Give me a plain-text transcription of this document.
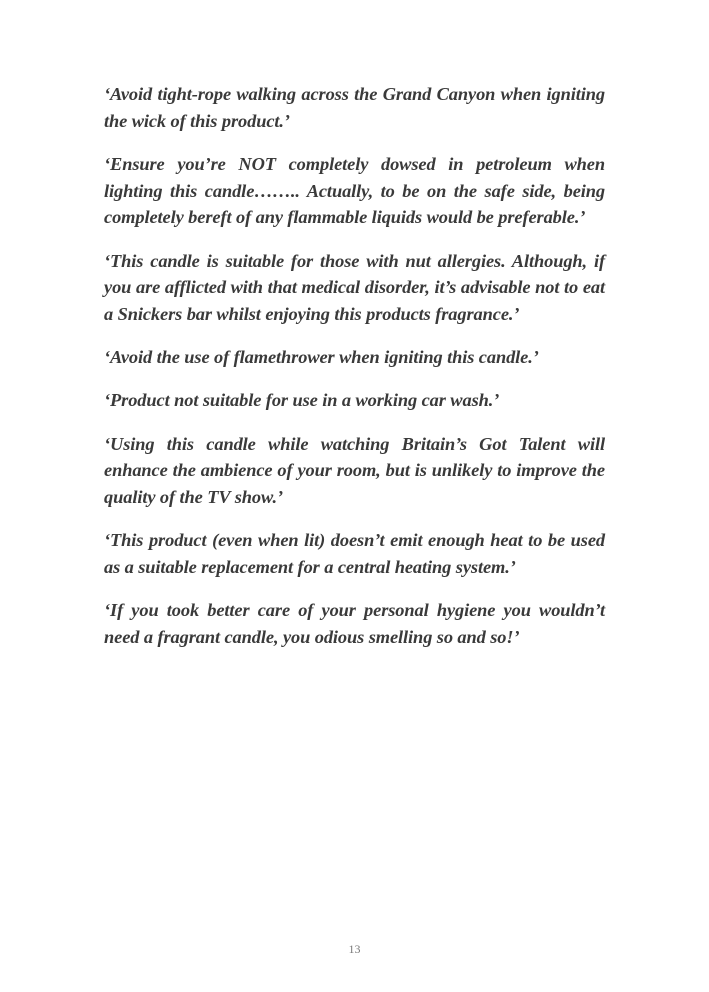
‘Avoid tight-rope walking across the Grand Canyon when igniting the wick of this product.’

‘Ensure you’re NOT completely dowsed in petroleum when lighting this candle…….. Actually, to be on the safe side, being completely bereft of any flammable liquids would be preferable.’

‘This candle is suitable for those with nut allergies. Although, if you are afflicted with that medical disorder, it’s advisable not to eat a Snickers bar whilst enjoying this products fragrance.’

‘Avoid the use of flamethrower when igniting this candle.’

‘Product not suitable for use in a working car wash.’

‘Using this candle while watching Britain’s Got Talent will enhance the ambience of your room, but is unlikely to improve the quality of the TV show.’

‘This product (even when lit) doesn’t emit enough heat to be used as a suitable replacement for a central heating system.’

‘If you took better care of your personal hygiene you wouldn’t need a fragrant candle, you odious smelling so and so!’

13
